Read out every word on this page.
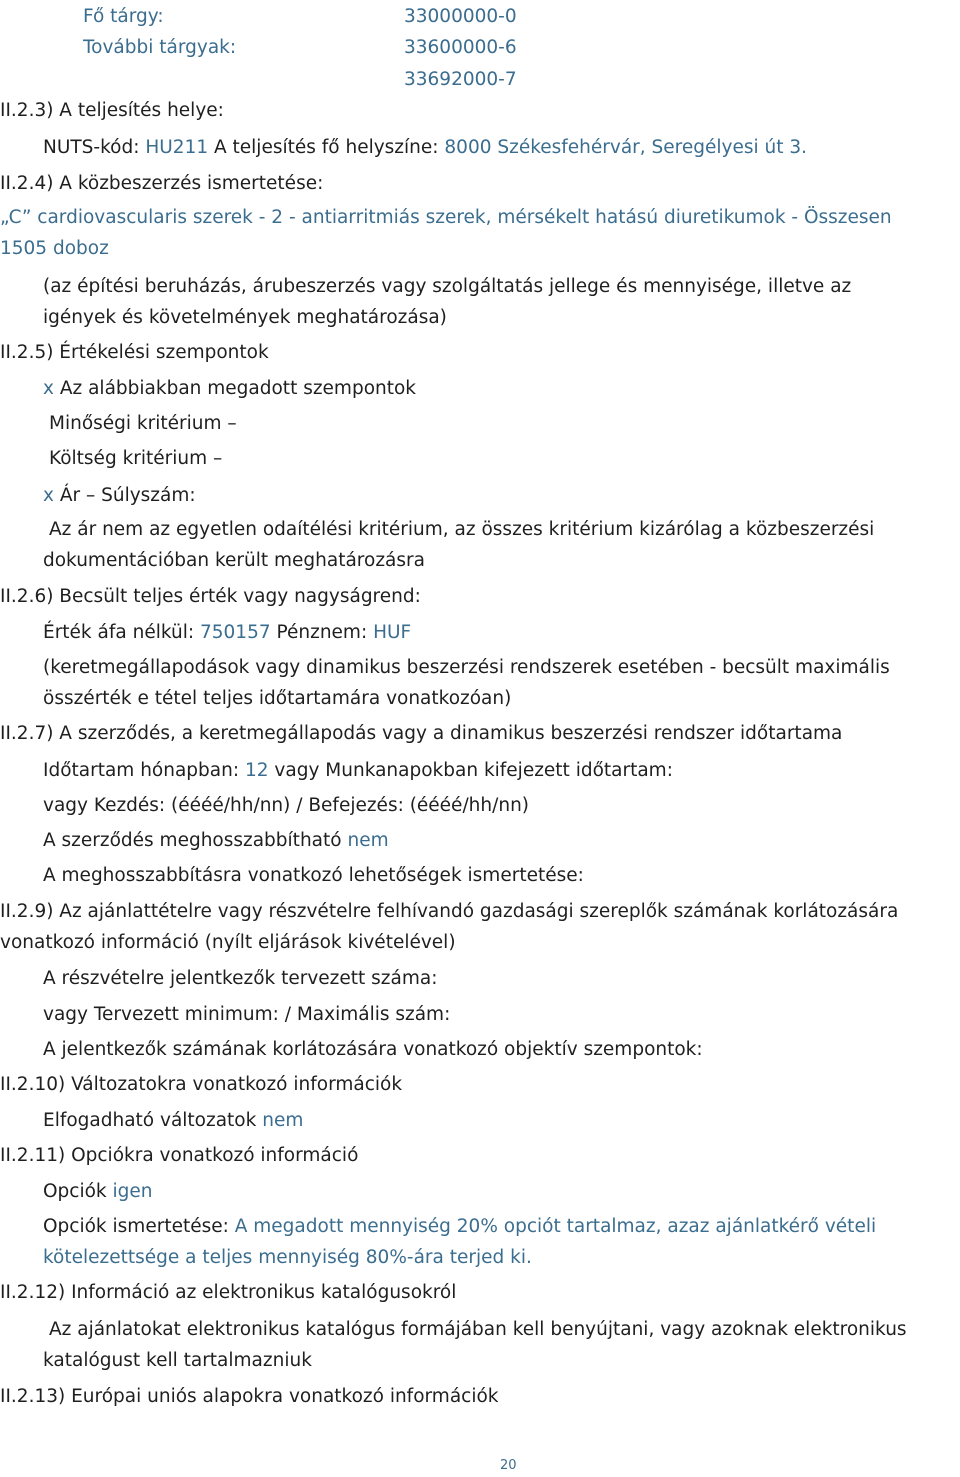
Fő tárgy:	33000000-0
További tárgyak:	33600000-6
33692000-7
II.2.3) A teljesítés helye:
NUTS-kód: HU211 A teljesítés fő helyszíne: 8000 Székesfehérvár, Seregélyesi út 3.
II.2.4) A közbeszerzés ismertetése:
„C” cardiovascularis szerek - 2 - antiarritmiás szerek, mérsékelt hatású diuretikumok - Összesen
1505 doboz
(az építési beruházás, árubeszerzés vagy szolgáltatás jellege és mennyisége, illetve az
igények és követelmények meghatározása)
II.2.5) Értékelési szempontok
x Az alábbiakban megadott szempontok
Minőségi kritérium –
Költség kritérium –
x Ár – Súlyszám:
Az ár nem az egyetlen odaítélési kritérium, az összes kritérium kizárólag a közbeszerzési
dokumentációban került meghatározásra
II.2.6) Becsült teljes érték vagy nagyságrend:
Érték áfa nélkül: 750157 Pénznem: HUF
(keretmegállapodások vagy dinamikus beszerzési rendszerek esetében - becsült maximális
összérték e tétel teljes időtartamára vonatkozóan)
II.2.7) A szerződés, a keretmegállapodás vagy a dinamikus beszerzési rendszer időtartama
Időtartam hónapban: 12 vagy Munkanapokban kifejezett időtartam:
vagy Kezdés: (éééé/hh/nn) / Befejezés: (éééé/hh/nn)
A szerződés meghosszabbítható nem
A meghosszabbításra vonatkozó lehetőségek ismertetése:
II.2.9) Az ajánlattételre vagy részvételre felhívandó gazdasági szereplők számának korlátozására
vonatkozó információ (nyílt eljárások kivételével)
A részvételre jelentkezők tervezett száma:
vagy Tervezett minimum: / Maximális szám:
A jelentkezők számának korlátozására vonatkozó objektív szempontok:
II.2.10) Változatokra vonatkozó információk
Elfogadható változatok nem
II.2.11) Opciókra vonatkozó információ
Opciók igen
Opciók ismertetése: A megadott mennyiség 20% opciót tartalmaz, azaz ajánlatkérő vételi
kötelezettsége a teljes mennyiség 80%-ára terjed ki.
II.2.12) Információ az elektronikus katalógusokról
Az ajánlatokat elektronikus katalógus formájában kell benyújtani, vagy azoknak elektronikus
katalógust kell tartalmazniuk
II.2.13) Európai uniós alapokra vonatkozó információk
20
